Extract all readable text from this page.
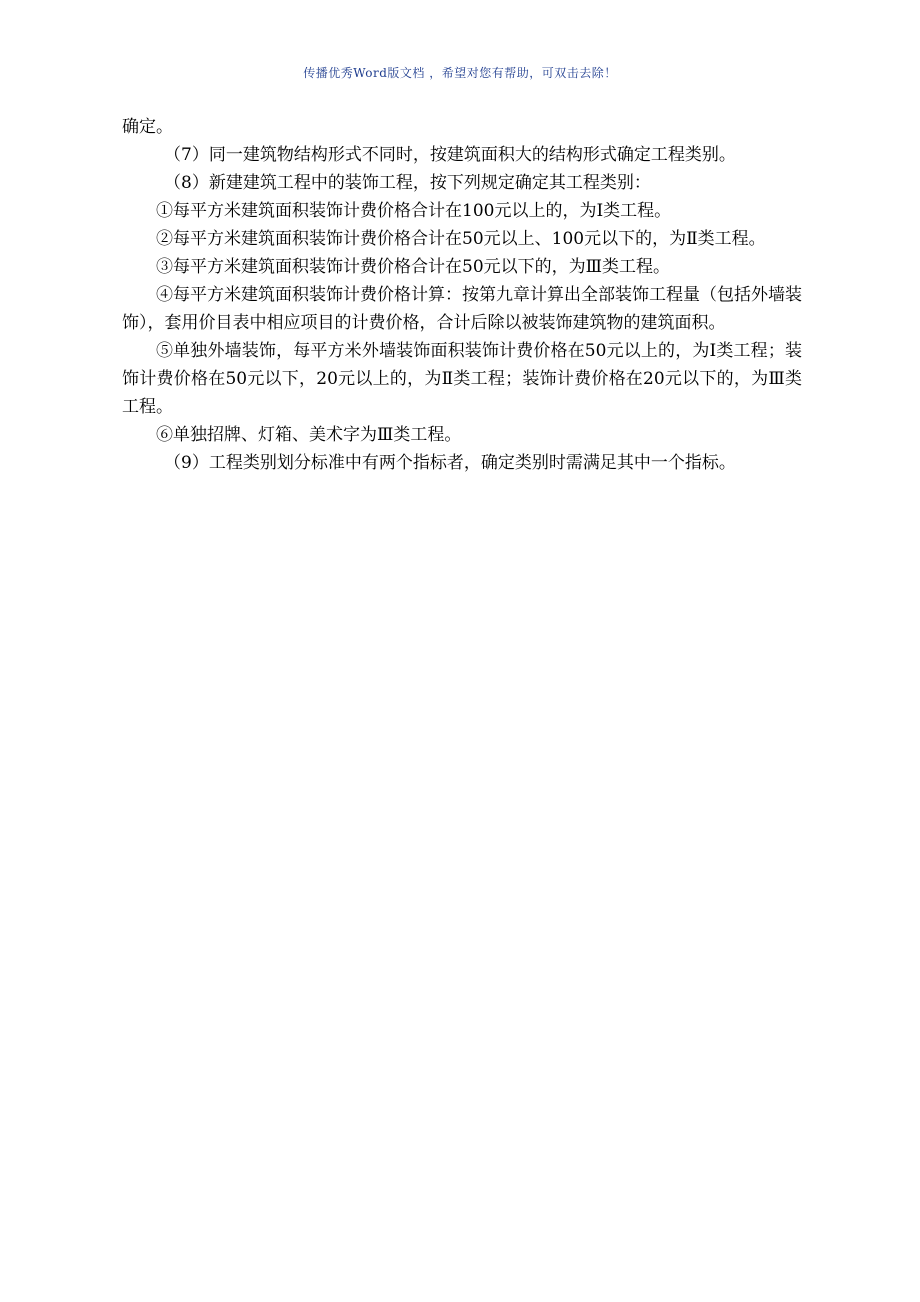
传播优秀Word版文档 ，希望对您有帮助，可双击去除！

确定。

（7）同一建筑物结构形式不同时，按建筑面积大的结构形式确定工程类别。

（8）新建建筑工程中的装饰工程，按下列规定确定其工程类别：

①每平方米建筑面积装饰计费价格合计在100元以上的，为Ⅰ类工程。

②每平方米建筑面积装饰计费价格合计在50元以上、100元以下的，为Ⅱ类工程。

③每平方米建筑面积装饰计费价格合计在50元以下的，为Ⅲ类工程。

④每平方米建筑面积装饰计费价格计算：按第九章计算出全部装饰工程量（包括外墙装饰），套用价目表中相应项目的计费价格，合计后除以被装饰建筑物的建筑面积。

⑤单独外墙装饰，每平方米外墙装饰面积装饰计费价格在50元以上的，为Ⅰ类工程；装饰计费价格在50元以下，20元以上的，为Ⅱ类工程；装饰计费价格在20元以下的，为Ⅲ类工程。

⑥单独招牌、灯箱、美术字为Ⅲ类工程。

（9）工程类别划分标准中有两个指标者，确定类别时需满足其中一个指标。
